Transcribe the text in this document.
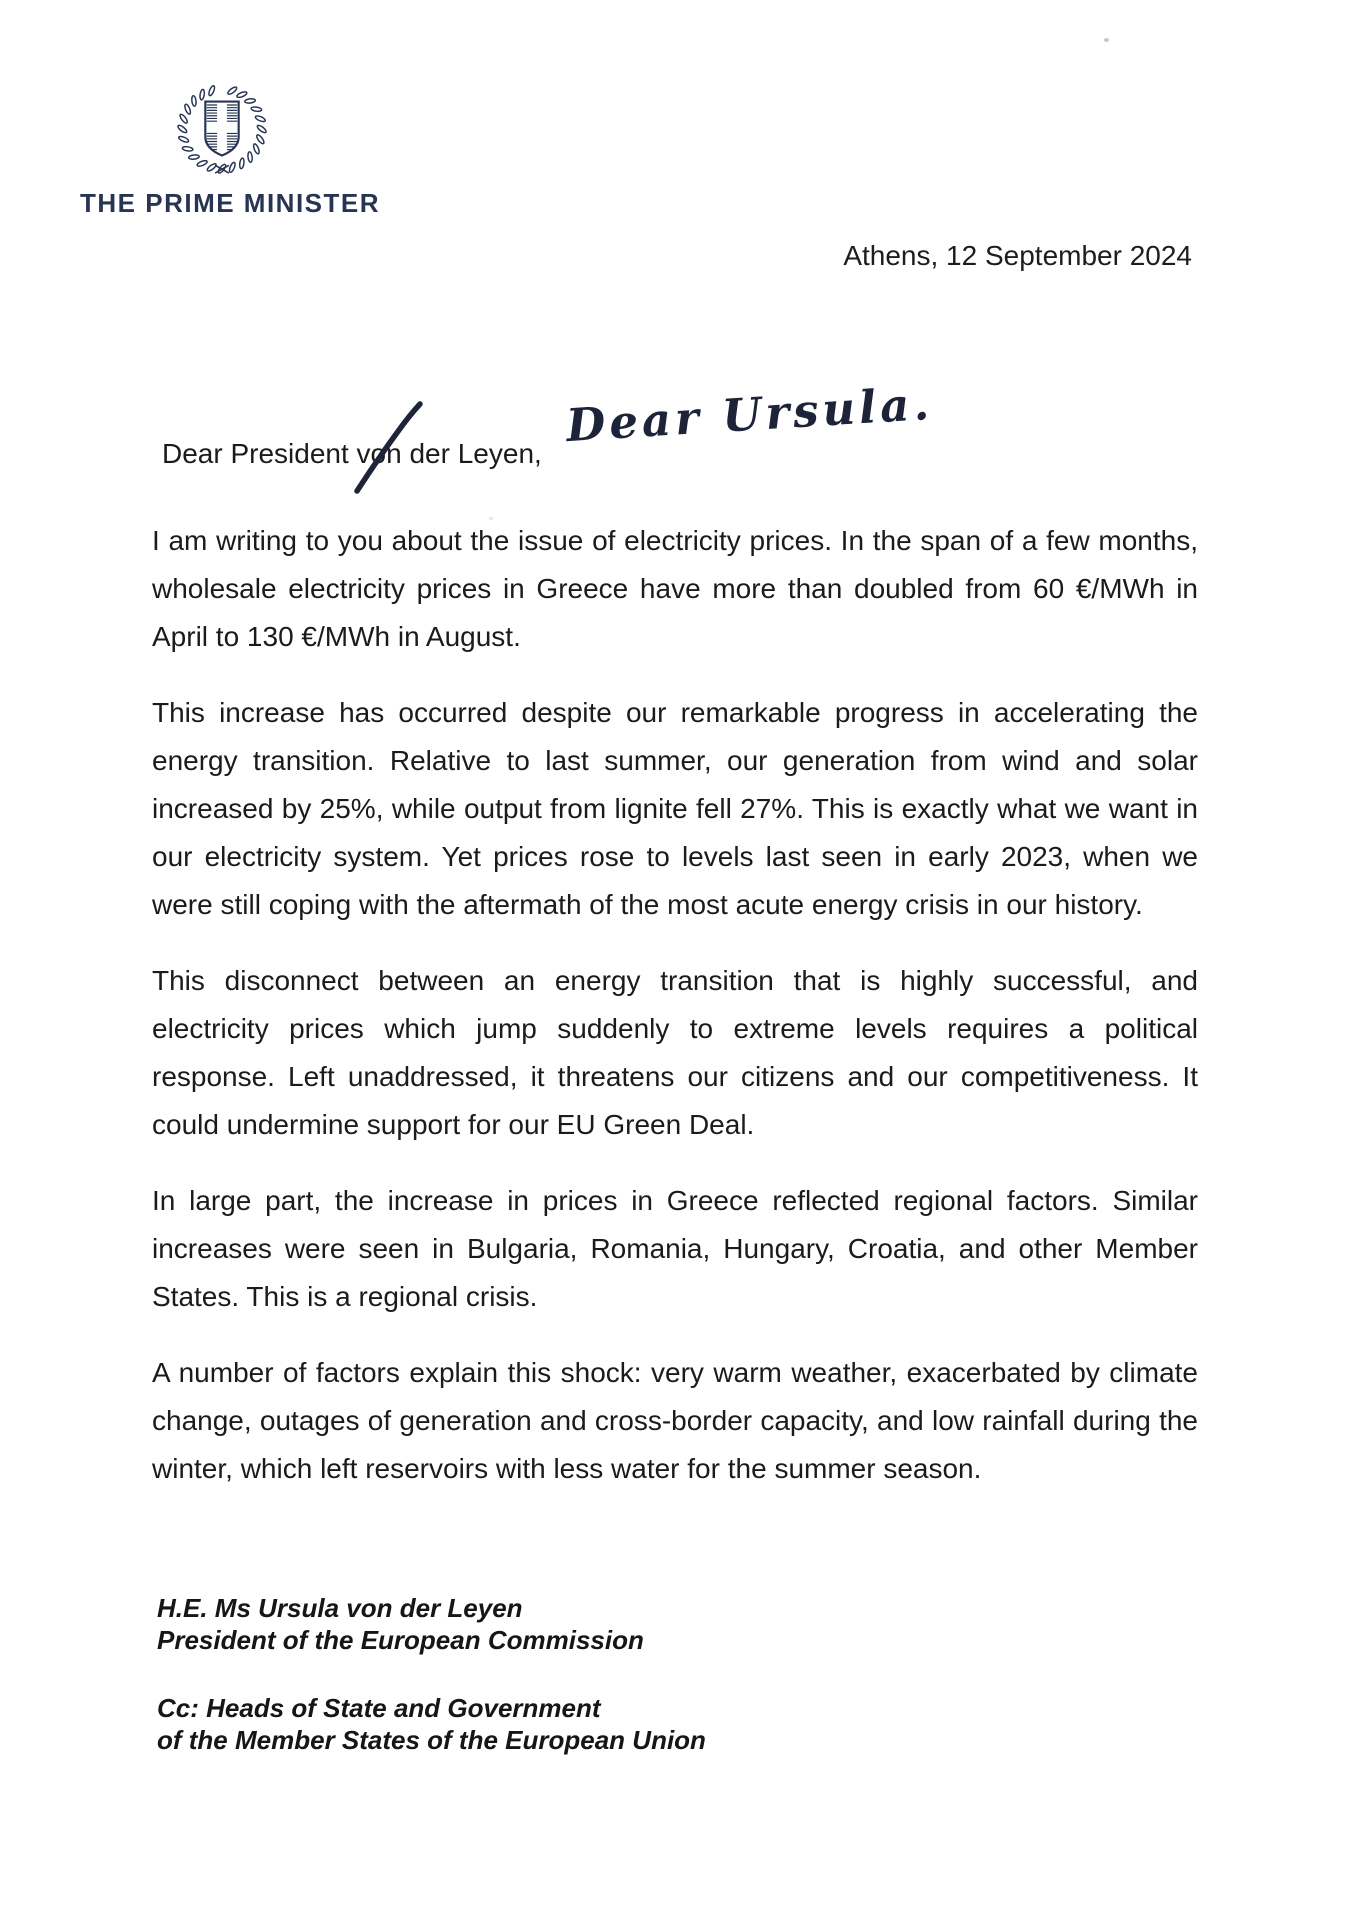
THE PRIME MINISTER
Athens, 12 September 2024
Dear President von der Leyen,
Dear Ursula.

I am writing to you about the issue of electricity prices. In the span of a few months, wholesale electricity prices in Greece have more than doubled from 60 €/MWh in April to 130 €/MWh in August.

This increase has occurred despite our remarkable progress in accelerating the energy transition. Relative to last summer, our generation from wind and solar increased by 25%, while output from lignite fell 27%. This is exactly what we want in our electricity system. Yet prices rose to levels last seen in early 2023, when we were still coping with the aftermath of the most acute energy crisis in our history.

This disconnect between an energy transition that is highly successful, and electricity prices which jump suddenly to extreme levels requires a political response. Left unaddressed, it threatens our citizens and our competitiveness. It could undermine support for our EU Green Deal.

In large part, the increase in prices in Greece reflected regional factors. Similar increases were seen in Bulgaria, Romania, Hungary, Croatia, and other Member States. This is a regional crisis.

A number of factors explain this shock: very warm weather, exacerbated by climate change, outages of generation and cross-border capacity, and low rainfall during the winter, which left reservoirs with less water for the summer season.

H.E. Ms Ursula von der Leyen
President of the European Commission
Cc: Heads of State and Government
of the Member States of the European Union
